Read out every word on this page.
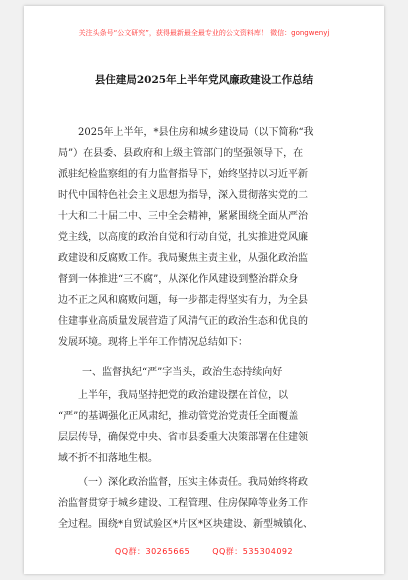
关注头条号“公文研究”，获得最新最全最专业的公文资料库！ 微信：gongwenyj
县住建局2025年上半年党风廉政建设工作总结
2025年上半年，*县住房和城乡建设局（以下简称“我
局”）在县委、县政府和上级主管部门的坚强领导下，在
派驻纪检监察组的有力监督指导下，始终坚持以习近平新
时代中国特色社会主义思想为指导，深入贯彻落实党的二
十大和二十届二中、三中全会精神，紧紧围绕全面从严治
党主线，以高度的政治自觉和行动自觉，扎实推进党风廉
政建设和反腐败工作。我局聚焦主责主业，从强化政治监
督到一体推进“三不腐”，从深化作风建设到整治群众身
边不正之风和腐败问题，每一步都走得坚实有力，为全县
住建事业高质量发展营造了风清气正的政治生态和优良的
发展环境。现将上半年工作情况总结如下：
一、监督执纪“严”字当头，政治生态持续向好
上半年，我局坚持把党的政治建设摆在首位，以
“严”的基调强化正风肃纪，推动管党治党责任全面覆盖
层层传导，确保党中央、省市县委重大决策部署在住建领
域不折不扣落地生根。
（一）深化政治监督，压实主体责任。我局始终将政
治监督贯穿于城乡建设、工程管理、住房保障等业务工作
全过程。围绕*自贸试验区*片区*区块建设、新型城镇化、
QQ群：30265665	QQ群：535304092
